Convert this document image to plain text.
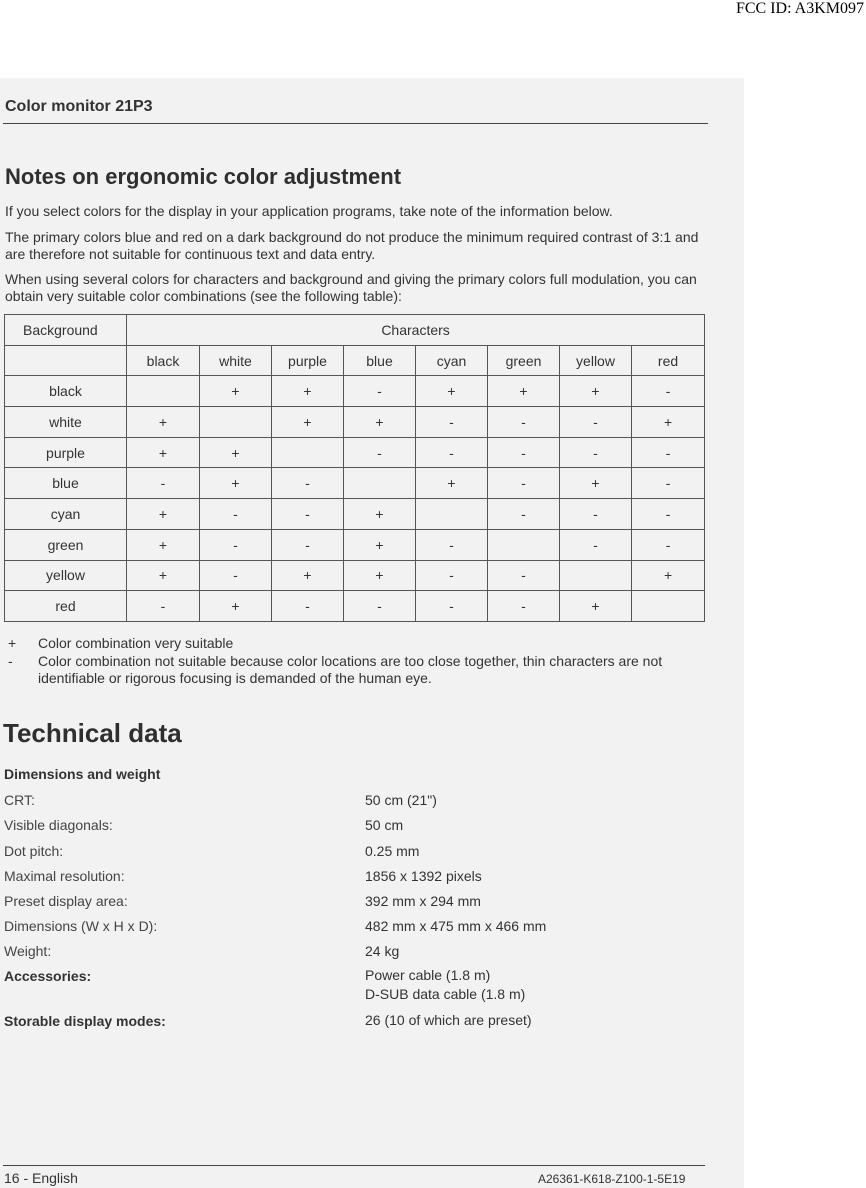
FCC ID: A3KM097
Color monitor 21P3
Notes on ergonomic color adjustment
If you select colors for the display in your application programs, take note of the information below.
The primary colors blue and red on a dark background do not produce the minimum required contrast of 3:1 and are therefore not suitable for continuous text and data entry.
When using several colors for characters and background and giving the primary colors full modulation, you can obtain very suitable color combinations (see the following table):
Background	Characters							
	black	white	purple	blue	cyan	green	yellow	red
black		+	+	-	+	+	+	-
white	+		+	+	-	-	-	+
purple	+	+		-	-	-	-	-
blue	-	+	-		+	-	+	-
cyan	+	-	-	+		-	-	-
green	+	-	-	+	-		-	-
yellow	+	-	+	+	-	-		+
red	-	+	-	-	-	-	+	
+	Color combination very suitable
-	Color combination not suitable because color locations are too close together, thin characters are not identifiable or rigorous focusing is demanded of the human eye.
Technical data
Dimensions and weight
CRT:	50 cm (21")
Visible diagonals:	50 cm
Dot pitch:	0.25 mm
Maximal resolution:	1856 x 1392 pixels
Preset display area:	392 mm x 294 mm
Dimensions (W x H x D):	482 mm x 475 mm x 466 mm
Weight:	24 kg
Accessories:	Power cable (1.8 m)
D-SUB data cable (1.8 m)
Storable display modes:	26 (10 of which are preset)
16 - English	A26361-K618-Z100-1-5E19
